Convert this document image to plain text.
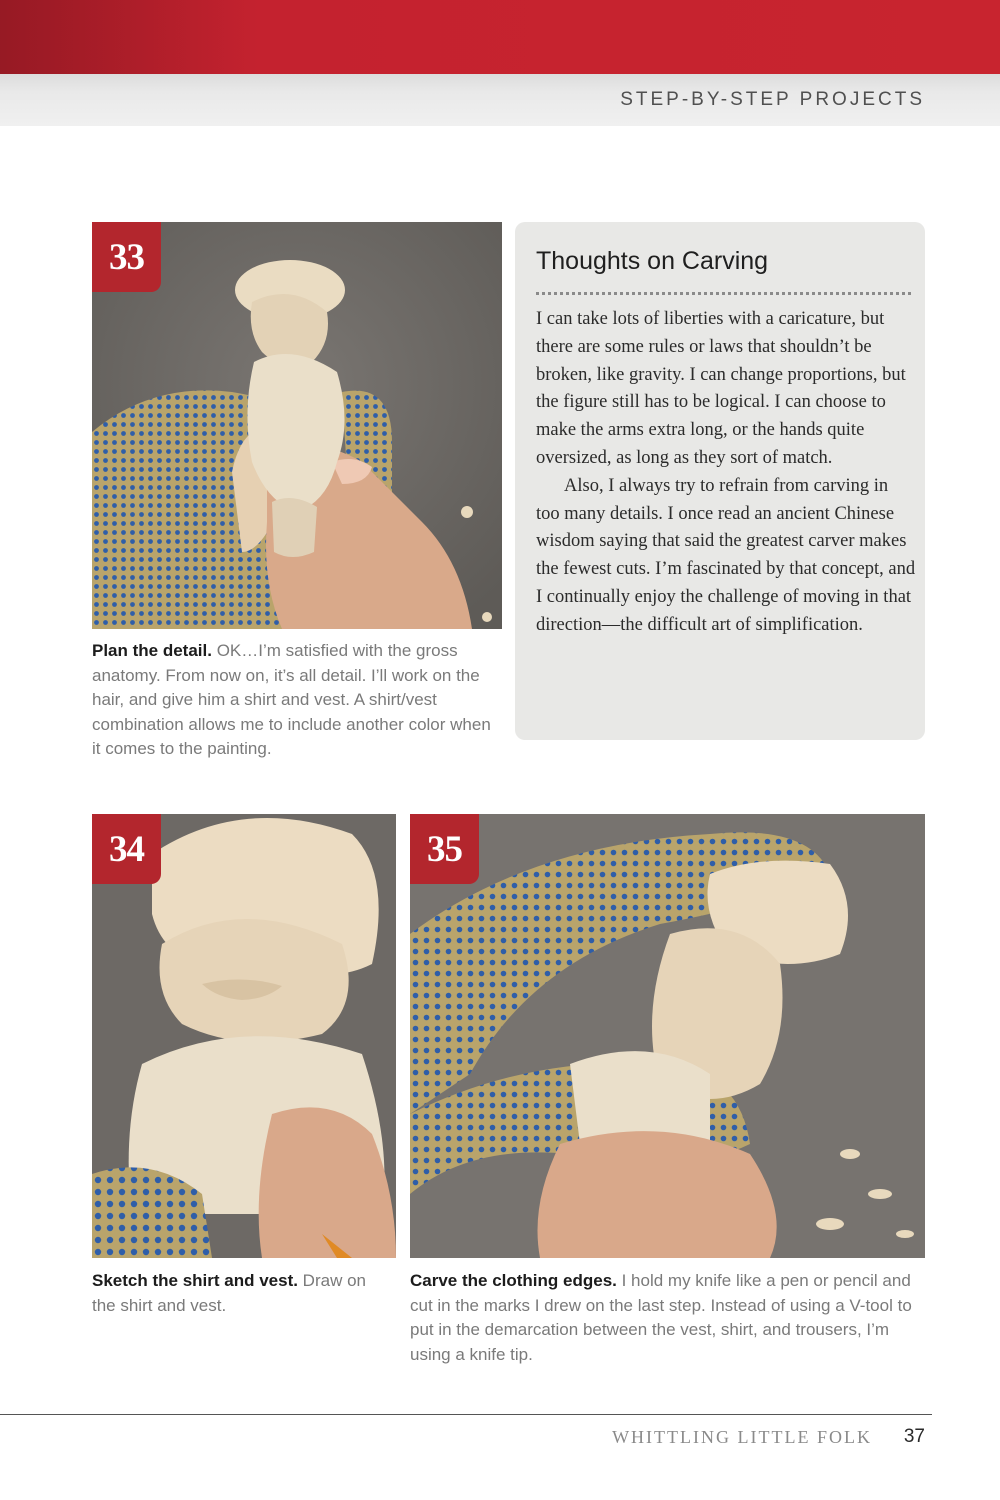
STEP-BY-STEP PROJECTS
33
Plan the detail. OK…I’m satisfied with the gross anatomy. From now on, it’s all detail. I’ll work on the hair, and give him a shirt and vest. A shirt/vest combination allows me to include another color when it comes to the painting.
Thoughts on Carving

I can take lots of liberties with a caricature, but there are some rules or laws that shouldn’t be broken, like gravity. I can change proportions, but the figure still has to be logical. I can choose to make the arms extra long, or the hands quite oversized, as long as they sort of match.

Also, I always try to refrain from carving in too many details. I once read an ancient Chinese wisdom saying that said the greatest carver makes the fewest cuts. I’m fascinated by that concept, and I continually enjoy the challenge of moving in that direction—the difficult art of simplification.

34
Sketch the shirt and vest. Draw on the shirt and vest.
35
Carve the clothing edges. I hold my knife like a pen or pencil and cut in the marks I drew on the last step. Instead of using a V-tool to put in the demarcation between the vest, shirt, and trousers, I’m using a knife tip.
WHITTLING LITTLE FOLK 37
